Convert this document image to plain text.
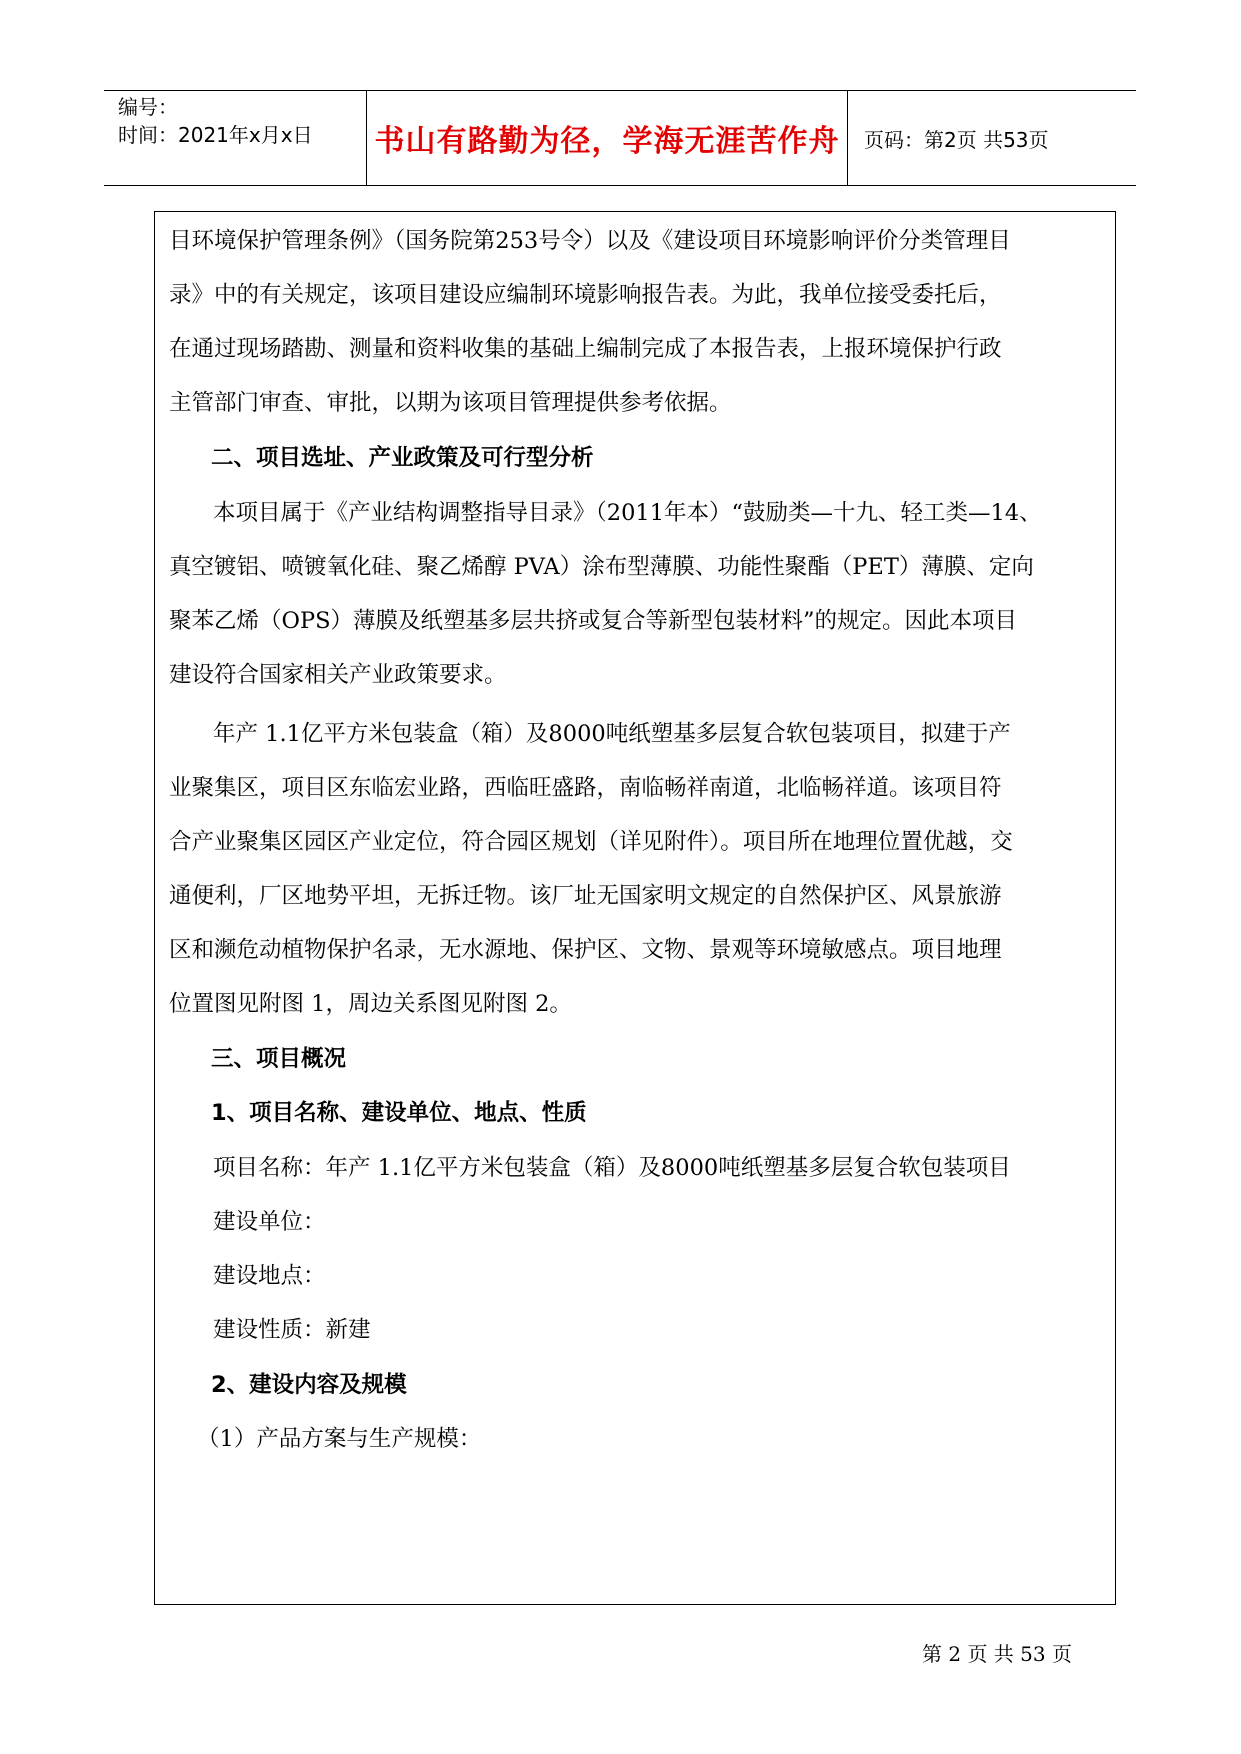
编号：
时间：2021年x月x日 书山有路勤为径，学海无涯苦作舟 页码：第2页 共53页
目环境保护管理条例》（国务院第253号令）以及《建设项目环境影响评价分类管理目
录》中的有关规定，该项目建设应编制环境影响报告表。为此，我单位接受委托后，
在通过现场踏勘、测量和资料收集的基础上编制完成了本报告表，上报环境保护行政
主管部门审查、审批，以期为该项目管理提供参考依据。
二、项目选址、产业政策及可行型分析
本项目属于《产业结构调整指导目录》（2011年本）“鼓励类—十九、轻工类—14、
真空镀铝、喷镀氧化硅、聚乙烯醇 PVA）涂布型薄膜、功能性聚酯（PET）薄膜、定向
聚苯乙烯（OPS）薄膜及纸塑基多层共挤或复合等新型包装材料”的规定。因此本项目
建设符合国家相关产业政策要求。
年产 1.1亿平方米包装盒（箱）及8000吨纸塑基多层复合软包装项目，拟建于产
业聚集区，项目区东临宏业路，西临旺盛路，南临畅祥南道，北临畅祥道。该项目符
合产业聚集区园区产业定位，符合园区规划（详见附件）。项目所在地理位置优越，交
通便利，厂区地势平坦，无拆迁物。该厂址无国家明文规定的自然保护区、风景旅游
区和濒危动植物保护名录，无水源地、保护区、文物、景观等环境敏感点。项目地理
位置图见附图 1，周边关系图见附图 2。
三、项目概况
1、项目名称、建设单位、地点、性质
项目名称：年产 1.1亿平方米包装盒（箱）及8000吨纸塑基多层复合软包装项目
建设单位：
建设地点：
建设性质：新建
2、建设内容及规模
（1）产品方案与生产规模：
第 2 页 共 53 页
